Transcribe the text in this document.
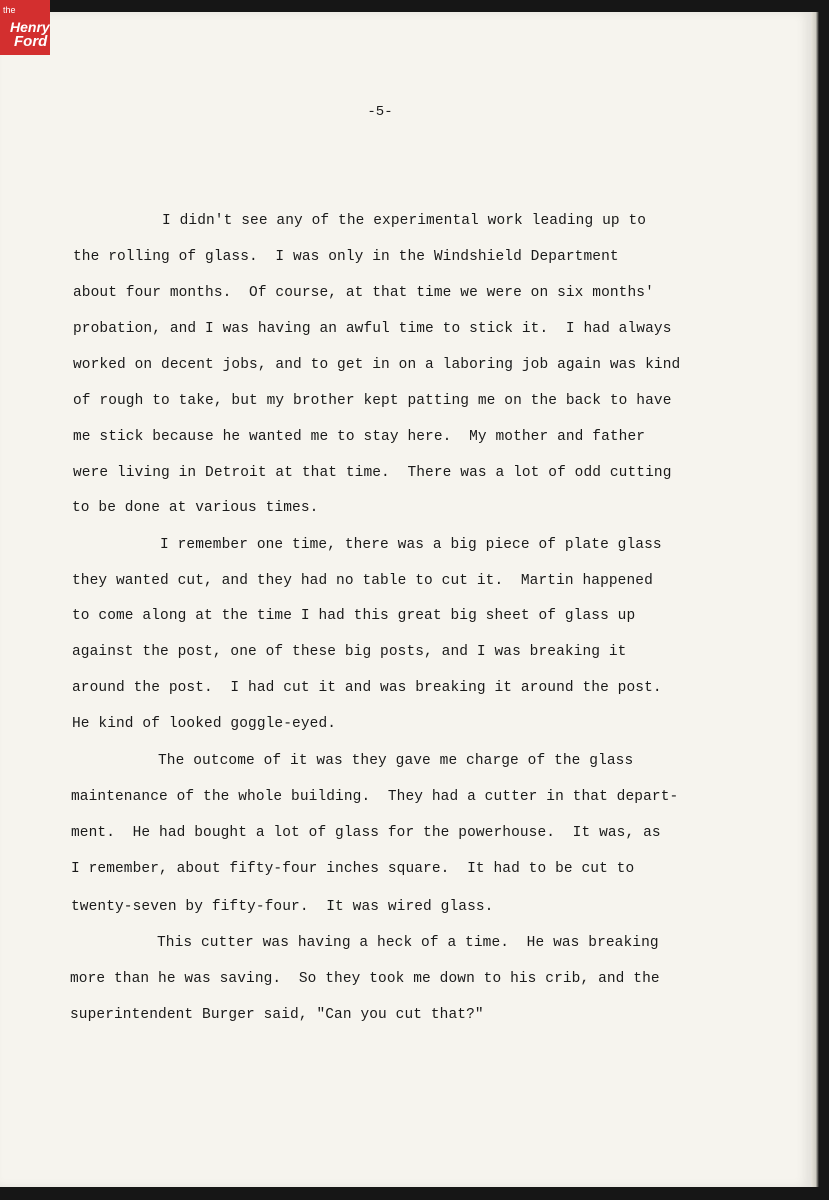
the
Henry
Ford
-5-
I didn't see any of the experimental work leading up to
the rolling of glass.  I was only in the Windshield Department
about four months.  Of course, at that time we were on six months'
probation, and I was having an awful time to stick it.  I had always
worked on decent jobs, and to get in on a laboring job again was kind
of rough to take, but my brother kept patting me on the back to have
me stick because he wanted me to stay here.  My mother and father
were living in Detroit at that time.  There was a lot of odd cutting
to be done at various times.
I remember one time, there was a big piece of plate glass
they wanted cut, and they had no table to cut it.  Martin happened
to come along at the time I had this great big sheet of glass up
against the post, one of these big posts, and I was breaking it
around the post.  I had cut it and was breaking it around the post.
He kind of looked goggle-eyed.
The outcome of it was they gave me charge of the glass
maintenance of the whole building.  They had a cutter in that depart-
ment.  He had bought a lot of glass for the powerhouse.  It was, as
I remember, about fifty-four inches square.  It had to be cut to
twenty-seven by fifty-four.  It was wired glass.
This cutter was having a heck of a time.  He was breaking
more than he was saving.  So they took me down to his crib, and the
superintendent Burger said, "Can you cut that?"
